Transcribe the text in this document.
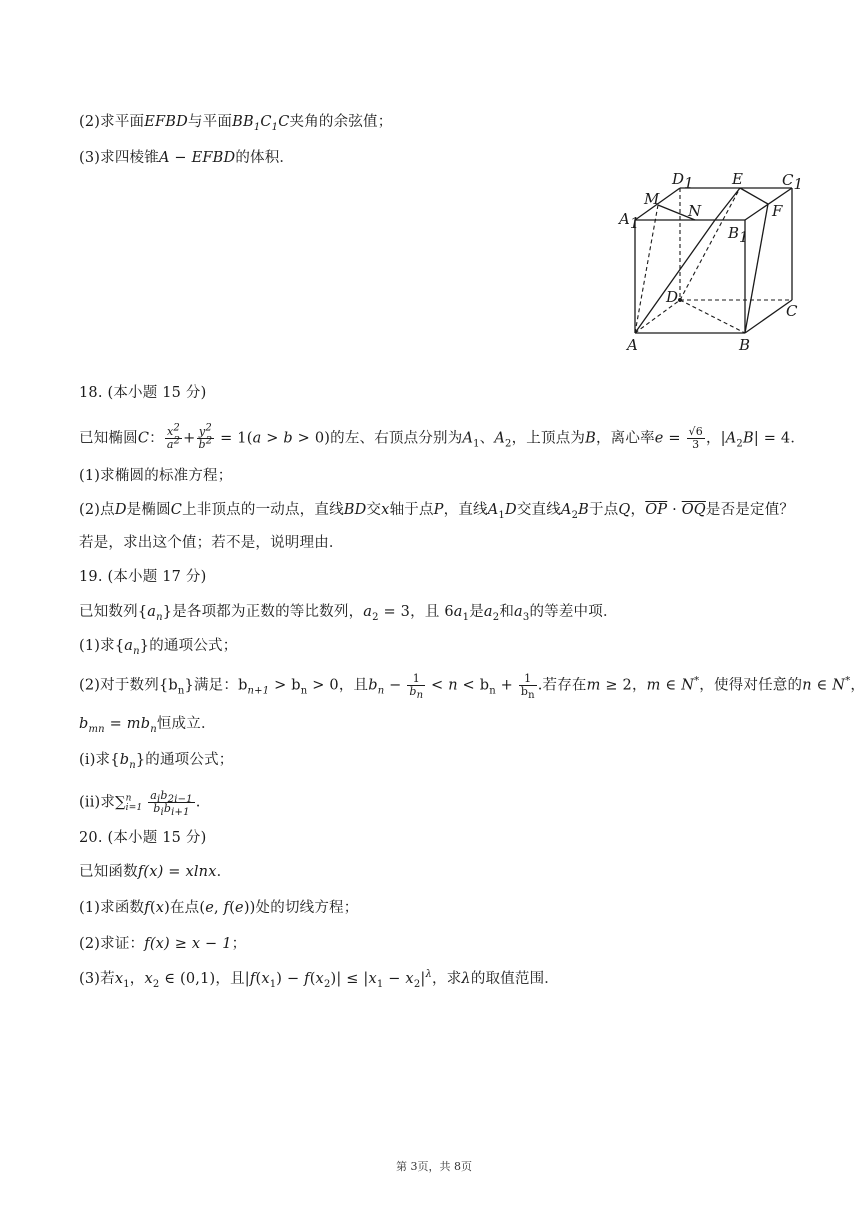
(2)求平面EFBD与平面$BB_1C_1C$夹角的余弦值；
(3)求四棱锥A − EFBD的体积．
D1	E	C1
M
N	F
A1
B1
D
C
A	B
18. (本小题 15 分)
已知椭圆C： $\frac{x^2}{a^2} + \frac{y^2}{b^2} = 1(a > b > 0)$的左、右顶点分别为$A_1$、$A_2$，上顶点为B，离心率$e = \frac{√6}{3}$ ，$|A_2B| = 4$．
(1)求椭圆的标准方程；
(2)点D是椭圆C上非顶点的一动点，直线BD交x轴于点P，直线$A_1D$交直线$A_2B$于点Q，$\overline{OP} \cdot \overline{OQ}$是否是定值？
若是，求出这个值；若不是，说明理由．
19. (本小题 17 分)
已知数列$\{a_n\}$是各项都为正数的等比数列，$a_2 = 3$，且 $6a_1$是$a_2$和$a_3$的等差中项．
(1)求$\{a_n\}$的通项公式；
(2)对于数列$\{b_n\}$满足：$b_{n+1} > b_n > 0$，且$b_n - \frac{1}{b_n} < n < b_n + \frac{1}{b_n}$ .若存在m ≥ 2，m ∈ N*，使得对任意的n ∈ N*，
$b_{mn} = mb_n$恒成立．
(i)求$\{b_n\}$的通项公式；
(ii)求$\sum^n_{i=1} \frac{a_ib_{2i-1}}{b_ib_{i+1}}$ .
20. (本小题 15 分)
已知函数f(x) = xlnx．
(1)求函数f(x)在点(e, f(e))处的切线方程；
(2)求证：f(x) ≥ x − 1；
(3)若$x_1$，$x_2$ ∈ (0,1)，且$|f(x_1) - f(x_2)| \le |x_1 - x_2|^\lambda$，求λ的取值范围．
第 3页，共 8页
